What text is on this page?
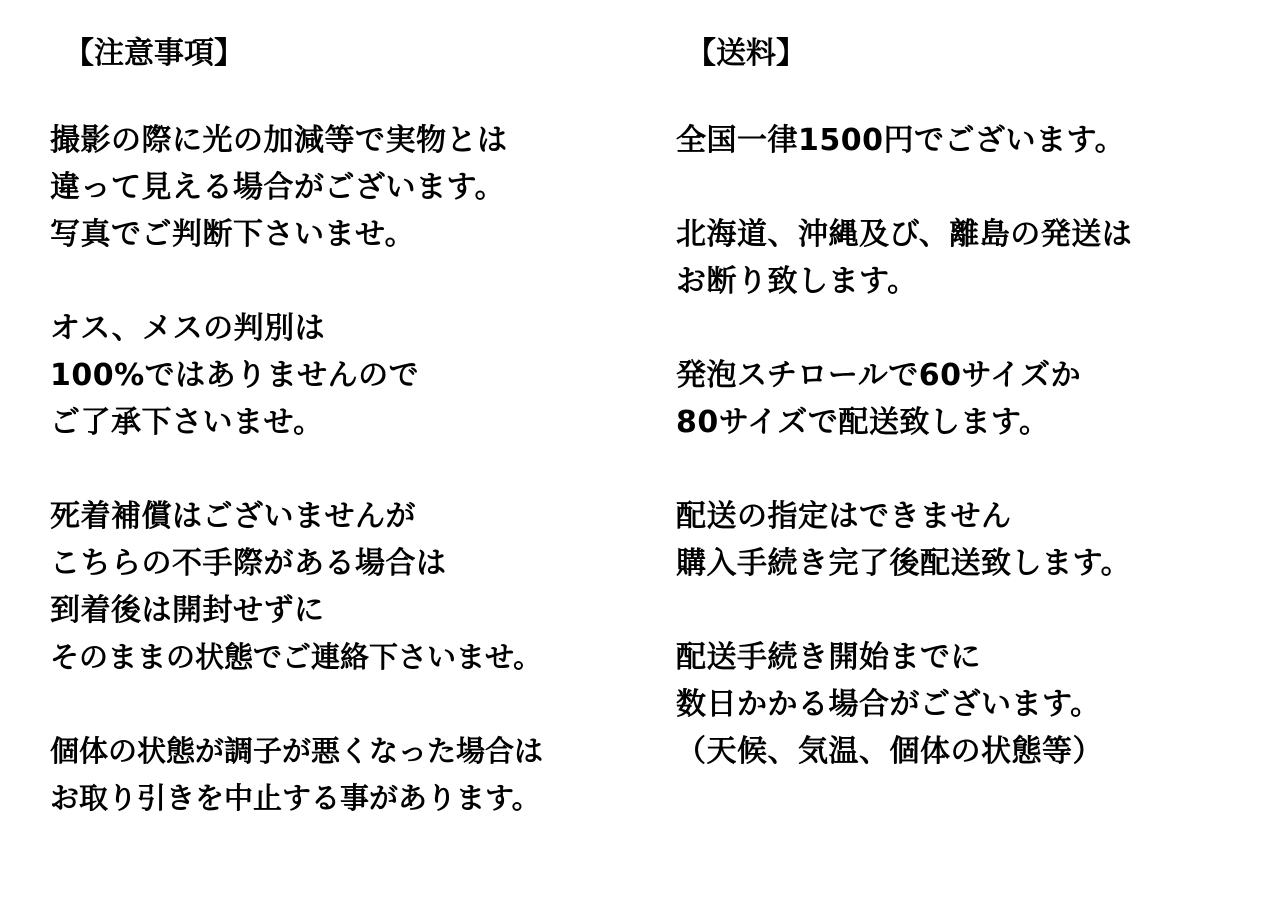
【注意事項】
撮影の際に光の加減等で実物とは
違って見える場合がございます。
写真でご判断下さいませ。
オス、メスの判別は
100%ではありませんので
ご了承下さいませ。
死着補償はございませんが
こちらの不手際がある場合は
到着後は開封せずに
そのままの状態でご連絡下さいませ。
個体の状態が調子が悪くなった場合は
お取り引きを中止する事があります。
【送料】
全国一律1500円でございます。
北海道、沖縄及び、離島の発送は
お断り致します。
発泡スチロールで60サイズか
80サイズで配送致します。
配送の指定はできません
購入手続き完了後配送致します。
配送手続き開始までに
数日かかる場合がございます。
（天候、気温、個体の状態等）
